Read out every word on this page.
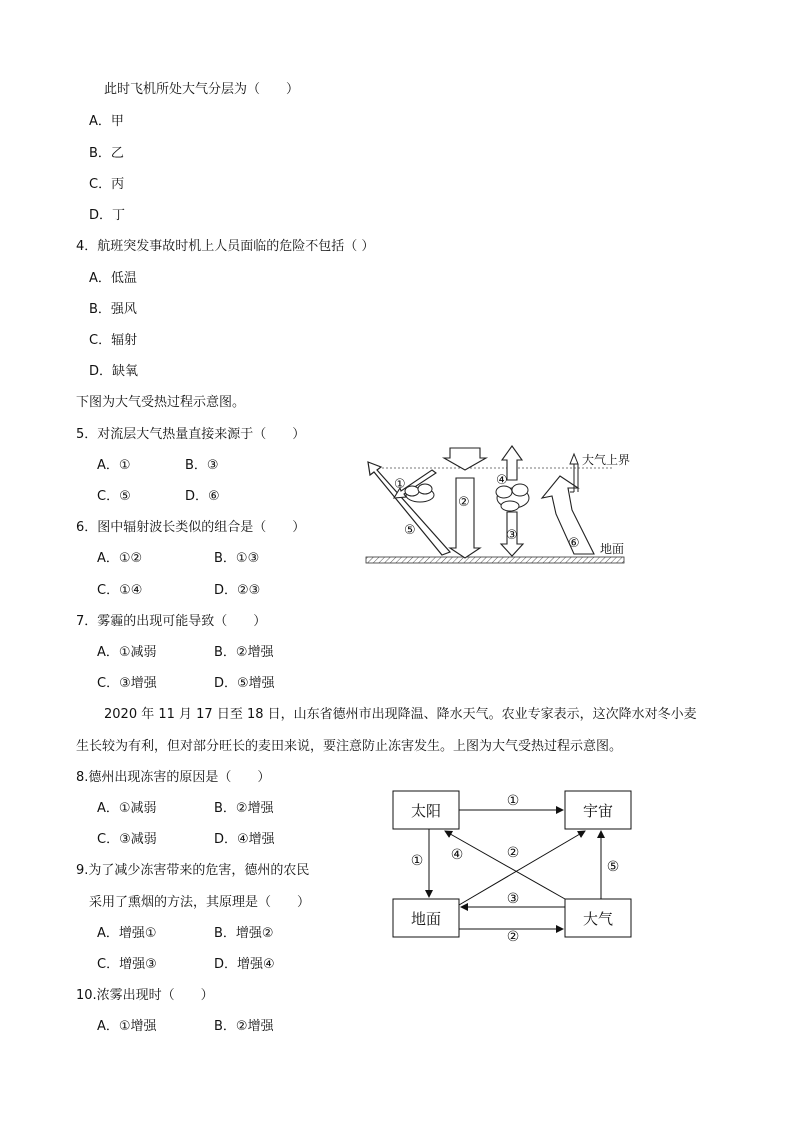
此时飞机所处大气分层为（　　）
A．甲
B．乙
C．丙
D．丁
4．航班突发事故时机上人员面临的危险不包括（ ）
A．低温
B．强风
C．辐射
D．缺氧
下图为大气受热过程示意图。
5．对流层大气热量直接来源于（　　）
A．①	B．③
C．⑤	D．⑥
6．图中辐射波长类似的组合是（　　）
A．①②	B．①③
C．①④	D．②③
7．雾霾的出现可能导致（　　）
A．①减弱	B．②增强
C．③增强	D．⑤增强
大气上界
地面
①
②
③
④
⑤
⑥
2020 年 11 月 17 日至 18 日，山东省德州市出现降温、降水天气。农业专家表示，这次降水对冬小麦
生长较为有利，但对部分旺长的麦田来说，要注意防止冻害发生。上图为大气受热过程示意图。
8.德州出现冻害的原因是（　　）
A．①减弱	B．②增强
C．③减弱	D．④增强
9.为了减少冻害带来的危害，德州的农民
采用了熏烟的方法，其原理是（　　）
A．增强①	B．增强②
C．增强③	D．增强④
10.浓雾出现时（　　）
A．①增强	B．②增强
太阳	宇宙
地面	大气
①
① ④	②
⑤
③
②
